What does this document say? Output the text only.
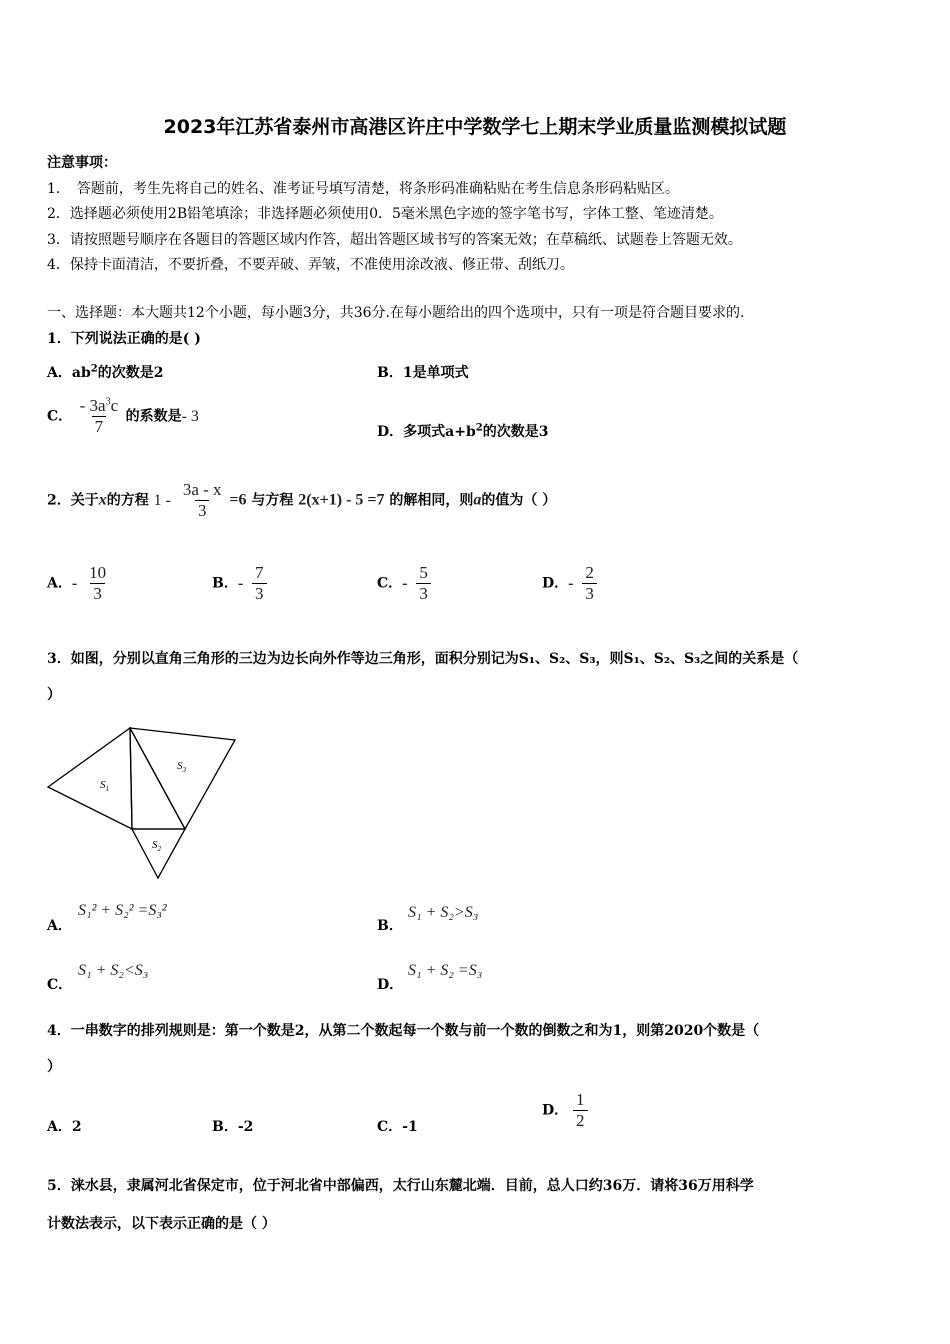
2023年江苏省泰州市高港区许庄中学数学七上期末学业质量监测模拟试题
注意事项：
1．　答题前，考生先将自己的姓名、准考证号填写清楚，将条形码准确粘贴在考生信息条形码粘贴区。
2．选择题必须使用2B铅笔填涂；非选择题必须使用0．5毫米黑色字迹的签字笔书写，字体工整、笔迹清楚。
3．请按照题号顺序在各题目的答题区域内作答，超出答题区域书写的答案无效；在草稿纸、试题卷上答题无效。
4．保持卡面清洁，不要折叠，不要弄破、弄皱，不准使用涂改液、修正带、刮纸刀。
一、选择题：本大题共12个小题，每小题3分，共36分.在每小题给出的四个选项中，只有一项是符合题目要求的.
1．下列说法正确的是( )
A．$ab^2$的次数是2	B．1是单项式
C． $\frac{- 3a^3c}{7}$ 的系数是- 3
D．多项式$a+b^2$的次数是3
2．关于x的方程 $1 - \frac{3a - x}{3} =6$ 与方程 2(x+1) - 5 =7 的解相同，则a的值为（ ）
A．- $\frac{10}{3}$	B．- $\frac{7}{3}$	C．- $\frac{5}{3}$	D．- $\frac{2}{3}$
3．如图，分别以直角三角形的三边为边长向外作等边三角形，面积分别记为S₁、S₂、S₃，则S₁、S₂、S₃之间的关系是（
）
$S_1$
$S_3$
$S_2$
A．
S₁² + S₂² =S₃²
B．
S₁ + S₂>S₃
C．
S₁ + S₂<S₃
D．
S₁ + S₂ =S₃
4．一串数字的排列规则是：第一个数是2，从第二个数起每一个数与前一个数的倒数之和为1，则第2020个数是（
）
A．2	B．-2	C．-1
D． $\frac{1}{2}$
5．涞水县，隶属河北省保定市，位于河北省中部偏西，太行山东麓北端．目前，总人口约36万．请将36万用科学
计数法表示，以下表示正确的是（ ）
